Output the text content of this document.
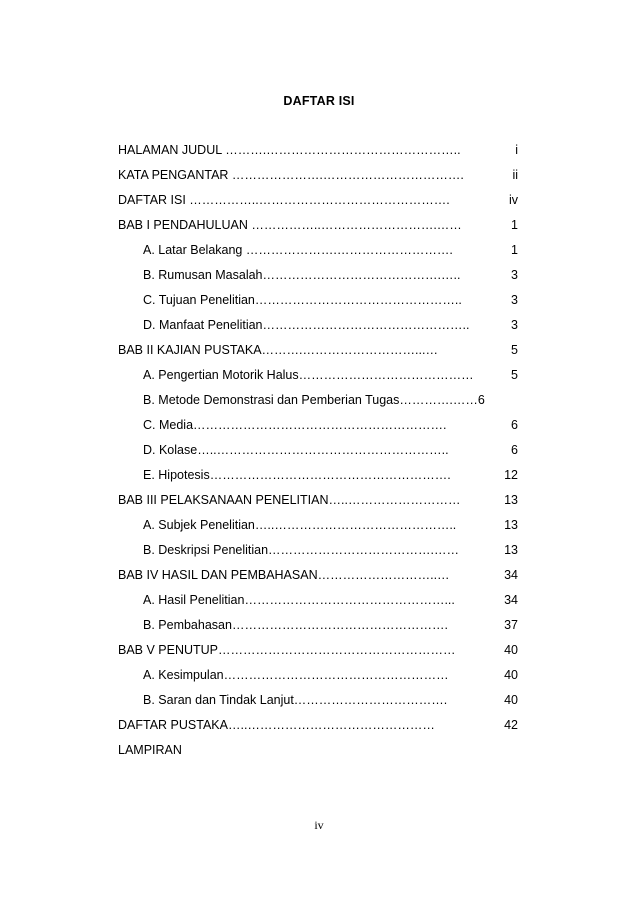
DAFTAR ISI
HALAMAN JUDUL ……….………………………………………..	i
KATA PENGANTAR ………………….…………………………….	ii
DAFTAR ISI ……………..……………………………………….	iv
BAB I PENDAHULUAN ……………..……………………….……	1
A. Latar Belakang ………………….……………………….	1
B. Rumusan Masalah…………………………………….…..	3
C. Tujuan Penelitian…………………………………………..	3
D. Manfaat Penelitian…………………………………………..	3
BAB II KAJIAN PUSTAKA……….………………………...…	5
A. Pengertian Motorik Halus……………………………………	5
B. Metode Demonstrasi dan Pemberian Tugas………….……6
C. Media…………………………………………………….	6
D. Kolase…..………………………………………………..	6
E. Hipotesis………………………………………………….	12
BAB III PELAKSANAAN PENELITIAN…..………………………	13
A. Subjek Penelitian…..……………………………………..	13
B. Deskripsi Penelitian………………………………….……	13
BAB IV HASIL DAN PEMBAHASAN………………………..…	34
A. Hasil Penelitian…………………………………………...	34
B. Pembahasan…………………………………………….	37
BAB V PENUTUP…………………………………………………	40
A. Kesimpulan………………………………………………	40
B. Saran dan Tindak Lanjut……………………………….	40
DAFTAR PUSTAKA…..………………………………………	42
LAMPIRAN
iv
